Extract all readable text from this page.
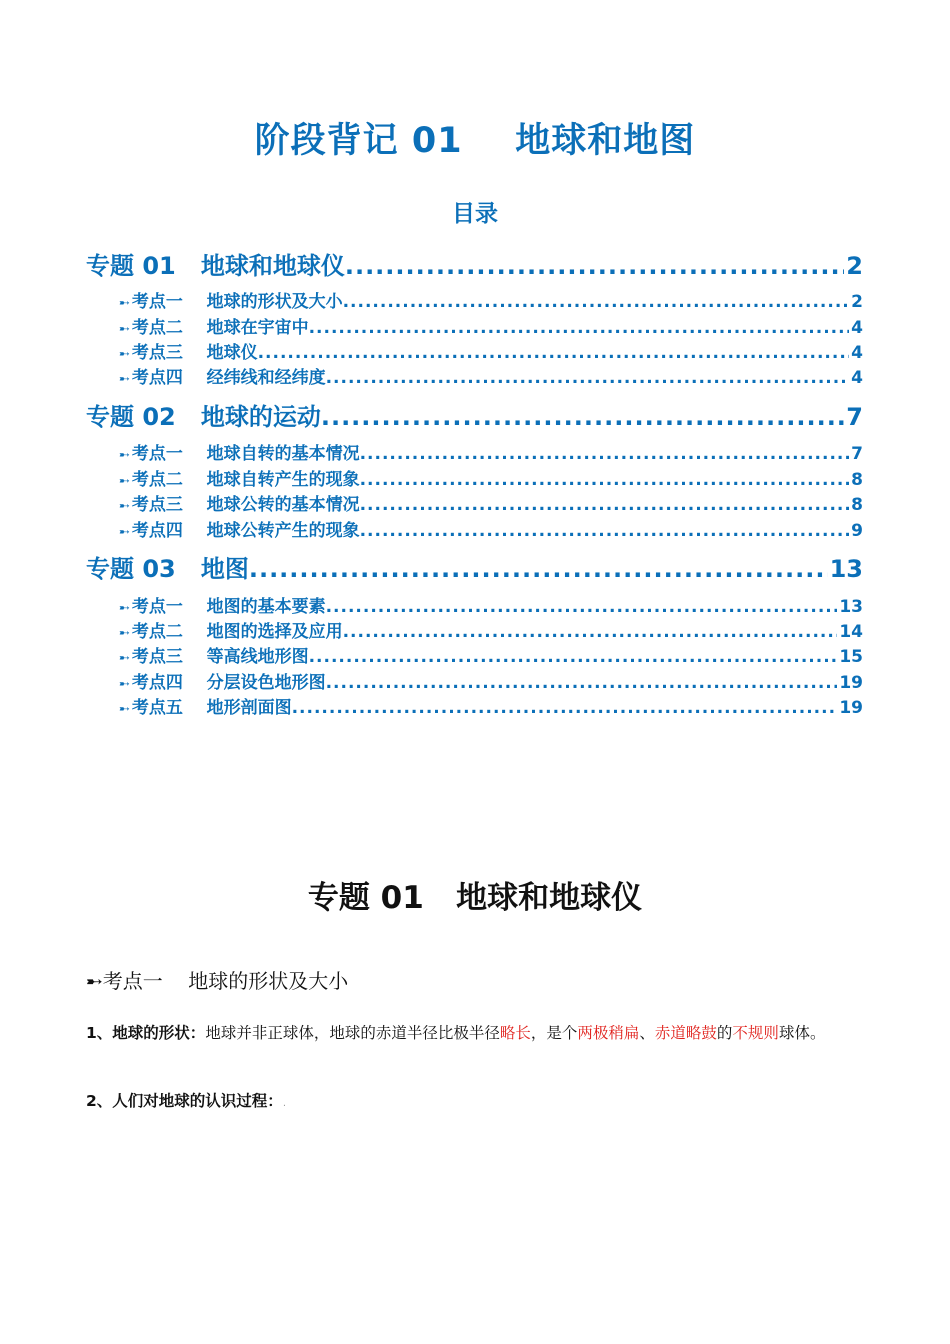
阶段背记 01    地球和地图
目录
专题 01   地球和地球仪 .....	2
➸ 考点一    地球的形状及大小 .....	2
➸ 考点二    地球在宇宙中 .....	4
➸ 考点三    地球仪 .....	4
➸ 考点四    经纬线和经纬度 .....	4
专题 02   地球的运动 .....	7
➸ 考点一    地球自转的基本情况 .....	7
➸ 考点二    地球自转产生的现象 .....	8
➸ 考点三    地球公转的基本情况 .....	8
➸ 考点四    地球公转产生的现象 .....	9
专题 03   地图 .....	13
➸ 考点一    地图的基本要素 .....	13
➸ 考点二    地图的选择及应用 .....	14
➸ 考点三    等高线地形图 .....	15
➸ 考点四    分层设色地形图 .....	19
➸ 考点五    地形剖面图 .....	19
专题 01   地球和地球仪
➸考点一    地球的形状及大小
1、地球的形状：地球并非正球体，地球的赤道半径比极半径略长，是个两极稍扁、赤道略鼓的不规则球体。
2、人们对地球的认识过程：.
